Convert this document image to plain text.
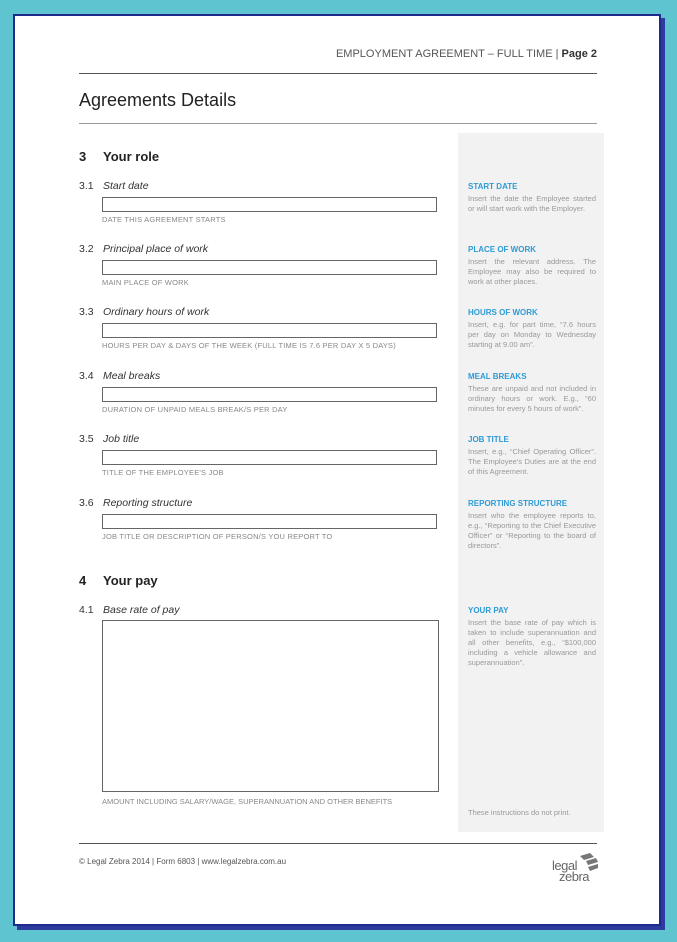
EMPLOYMENT AGREEMENT – FULL TIME | Page 2
Agreements Details
3 Your role
4 Your pay
3.1 Start date
DATE THIS AGREEMENT STARTS
3.2 Principal place of work
MAIN PLACE OF WORK
3.3 Ordinary hours of work
HOURS PER DAY & DAYS OF THE WEEK (FULL TIME IS 7.6 PER DAY X 5 DAYS)
3.4 Meal breaks
DURATION OF UNPAID MEALS BREAK/S PER DAY
3.5 Job title
TITLE OF THE EMPLOYEE'S JOB
3.6 Reporting structure
JOB TITLE OR DESCRIPTION OF PERSON/S YOU REPORT TO
4.1 Base rate of pay
AMOUNT INCLUDING SALARY/WAGE, SUPERANNUATION AND OTHER BENEFITS
START DATE
Insert the date the Employee started or will start work with the Employer.
PLACE OF WORK
Insert the relevant address. The Employee may also be required to work at other places.
HOURS OF WORK
Insert, e.g. for part time, “7.6 hours per day on Monday to Wednesday starting at 9.00 am”.
MEAL BREAKS
These are unpaid and not included in ordinary hours or work. E.g., “60 minutes for every 5 hours of work”.
JOB TITLE
Insert, e.g., “Chief Operating Officer”. The Employee's Duties are at the end of this Agreement.
REPORTING STRUCTURE
Insert who the employee reports to, e.g., “Reporting to the Chief Executive Officer” or “Reporting to the board of directors”.
YOUR PAY
Insert the base rate of pay which is taken to include superannuation and all other benefits, e.g., “$100,000 including a vehicle allowance and superannuation”.
These instructions do not print.
© Legal Zebra 2014 | Form 6803 | www.legalzebra.com.au	legal
zebra
